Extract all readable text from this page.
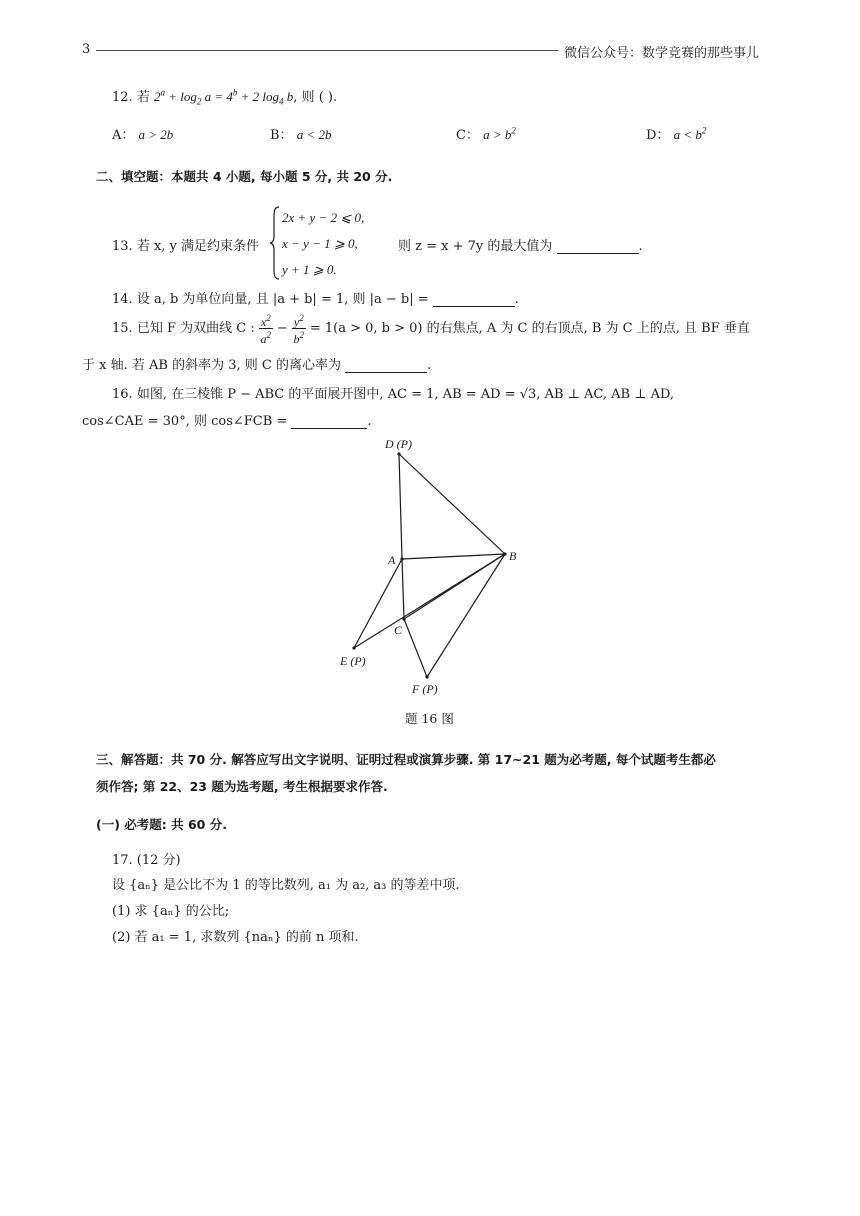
3	微信公众号：数学竞赛的那些事儿
12. 若 $2^a + \log_2 a = 4^b + 2$ $\log_4 b$, 则 ( ).
A： a > 2b	B： a < 2b	C： $a > b^2$	D： $a < b^2$
二、填空题：本题共 4 小题, 每小题 5 分, 共 20 分.
13. 若 x, y 满足约束条件
2x + y − 2 ⩽ 0,
x − y − 1 ⩾ 0,
y + 1 ⩾ 0.
则 z = x + 7y 的最大值为	.
14. 设 a, b 为单位向量, 且 |a + b| = 1, 则 |a − b| =	.
15. 已知 F 为双曲线 C : $\frac{x^2}{a^2} - \frac{y^2}{b^2} = 1(a > 0$, b > 0) 的右焦点, A 为 C 的右顶点, B 为 C 上的点, 且 BF 垂直
于 x 轴. 若 AB 的斜率为 3, 则 C 的离心率为	.
16. 如图, 在三棱锥 P − ABC 的平面展开图中, AC = 1, AB = AD = √3, AB ⊥ AC, AB ⊥ AD,
cos∠CAE = 30°, 则 cos∠FCB =	.
D (P)
A	B
C
E (P)
F (P)
题 16 图
三、解答题：共 70 分. 解答应写出文字说明、证明过程或演算步骤. 第 17∼21 题为必考题, 每个试题考生都必
须作答; 第 22、23 题为选考题, 考生根据要求作答.
(一) 必考题: 共 60 分.
17. (12 分)
设 {aₙ} 是公比不为 1 的等比数列, a₁ 为 a₂, a₃ 的等差中项.
(1) 求 {aₙ} 的公比;
(2) 若 a₁ = 1, 求数列 {naₙ} 的前 n 项和.
